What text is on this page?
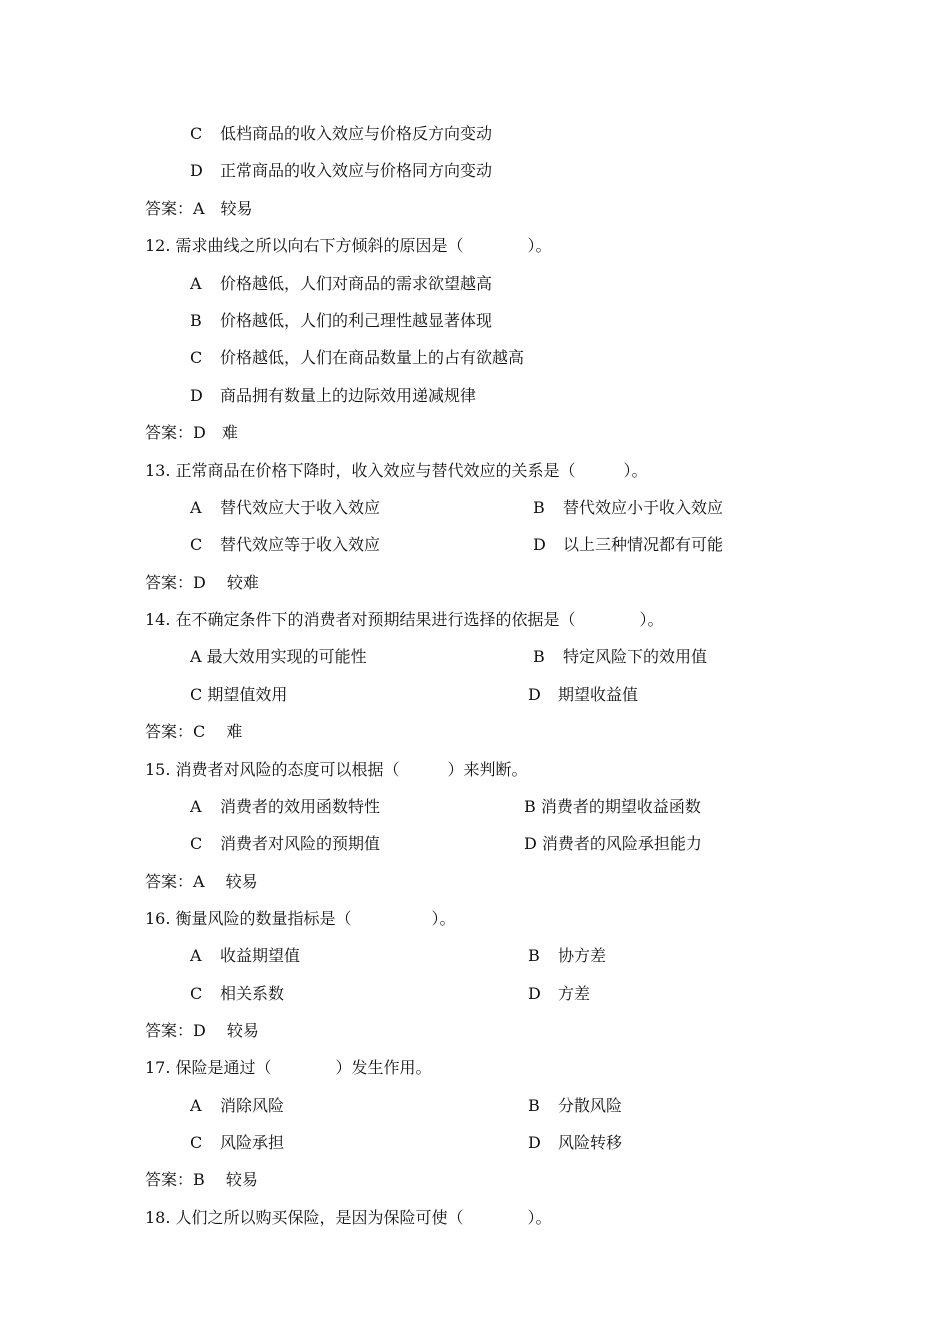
C 低档商品的收入效应与价格反方向变动
D 正常商品的收入效应与价格同方向变动
答案：A　较易
12. 需求曲线之所以向右下方倾斜的原因是（　　　　）。
A 价格越低，人们对商品的需求欲望越高
B 价格越低，人们的利己理性越显著体现
C 价格越低，人们在商品数量上的占有欲越高
D 商品拥有数量上的边际效用递减规律
答案：D　难
13. 正常商品在价格下降时，收入效应与替代效应的关系是（　　　）。
A 替代效应大于收入效应	B 替代效应小于收入效应
C 替代效应等于收入效应	D 以上三种情况都有可能
答案：D　 较难
14. 在不确定条件下的消费者对预期结果进行选择的依据是（　　　　）。
A 最大效用实现的可能性	B 特定风险下的效用值
C 期望值效用	D 期望收益值
答案：C　 难
15. 消费者对风险的态度可以根据（　　　）来判断。
A 消费者的效用函数特性	B 消费者的期望收益函数
C 消费者对风险的预期值	D 消费者的风险承担能力
答案：A　 较易
16. 衡量风险的数量指标是（　　　　　）。
A 收益期望值	B 协方差
C 相关系数	D 方差
答案：D　 较易
17. 保险是通过（　　　　）发生作用。
A 消除风险	B 分散风险
C 风险承担	D 风险转移
答案：B　 较易
18. 人们之所以购买保险，是因为保险可使（　　　　）。
